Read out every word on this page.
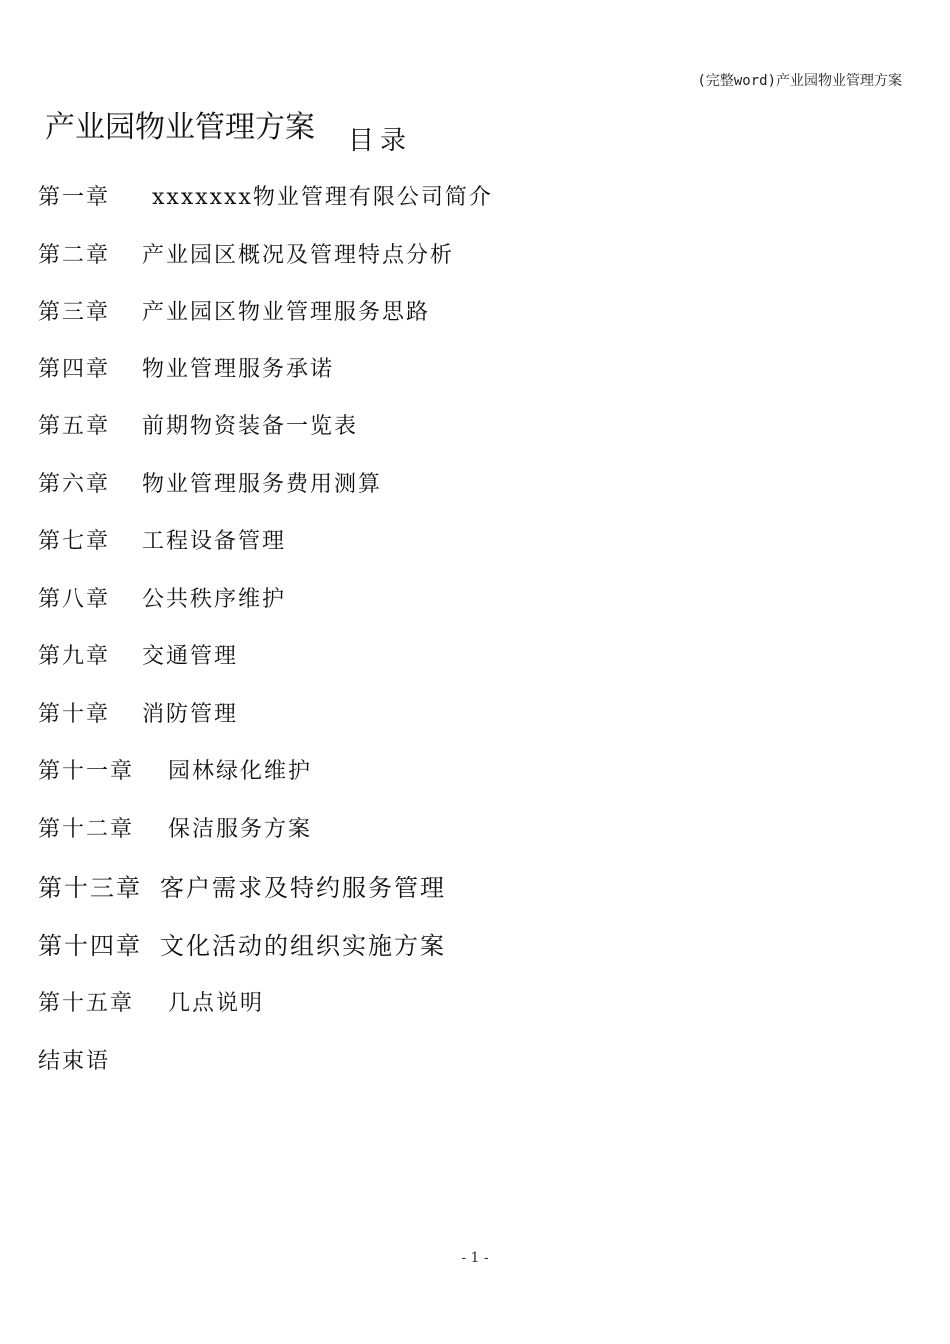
(完整word)产业园物业管理方案
产业园物业管理方案	目录
第一章 xxxxxxx物业管理有限公司简介
第二章 产业园区概况及管理特点分析
第三章 产业园区物业管理服务思路
第四章 物业管理服务承诺
第五章 前期物资装备一览表
第六章 物业管理服务费用测算
第七章 工程设备管理
第八章 公共秩序维护
第九章 交通管理
第十章 消防管理
第十一章 园林绿化维护
第十二章 保洁服务方案
第十三章 客户需求及特约服务管理
第十四章 文化活动的组织实施方案
第十五章 几点说明
结束语
- 1 -
